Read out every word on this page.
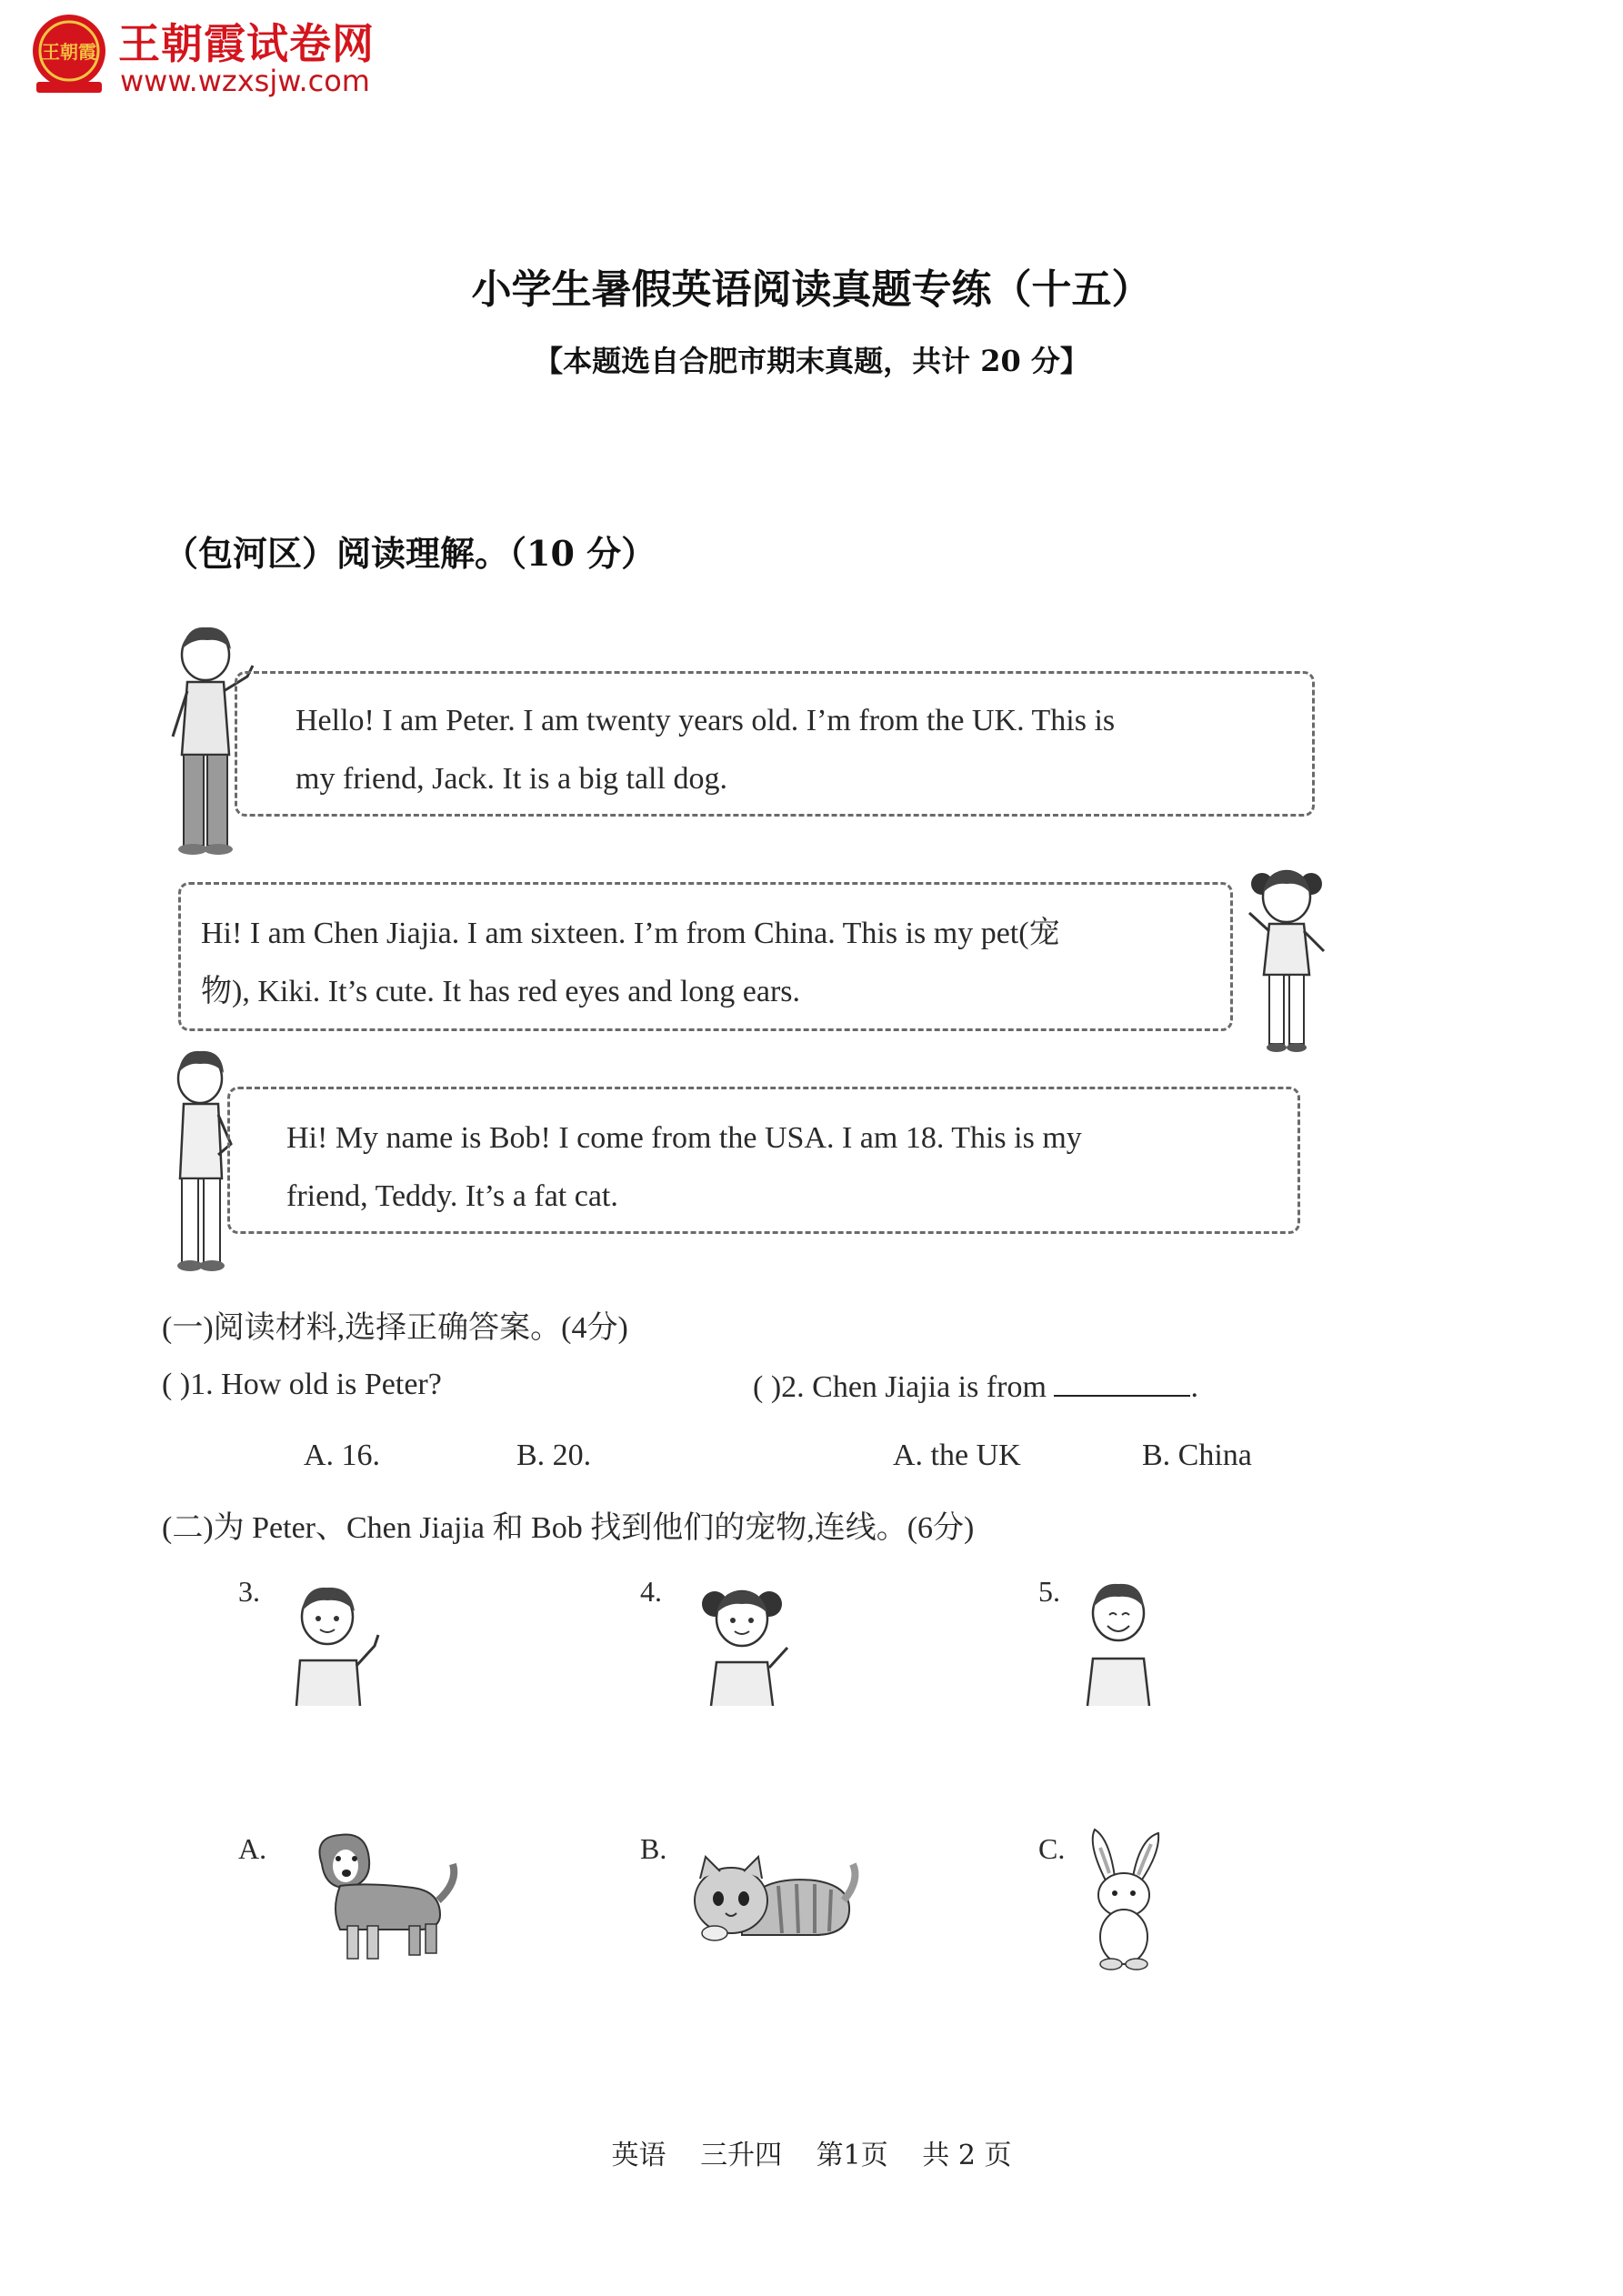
王朝霞 王朝霞试卷网
www.wzxsjw.com
小学生暑假英语阅读真题专练（十五）
【本题选自合肥市期末真题，共计 20 分】
（包河区）阅读理解。（10 分）

Hello! I am Peter. I am twenty years old. I’m from the UK. This is

my friend, Jack. It is a big tall dog.

Hi! I am Chen Jiajia. I am sixteen. I’m from China. This is my pet(宠

物), Kiki. It’s cute. It has red eyes and long ears.

Hi! My name is Bob! I come from the USA. I am 18. This is my

friend, Teddy. It’s a fat cat.

(一)阅读材料,选择正确答案。(4分)
( )1. How old is Peter?	( )2. Chen Jiajia is from	.
A. 16.	B. 20.	A. the UK	B. China
(二)为 Peter、Chen Jiajia 和 Bob 找到他们的宠物,连线。(6分)
3.	4.	5.
A.	B.	C.
英语 三升四 第1页 共 2 页
